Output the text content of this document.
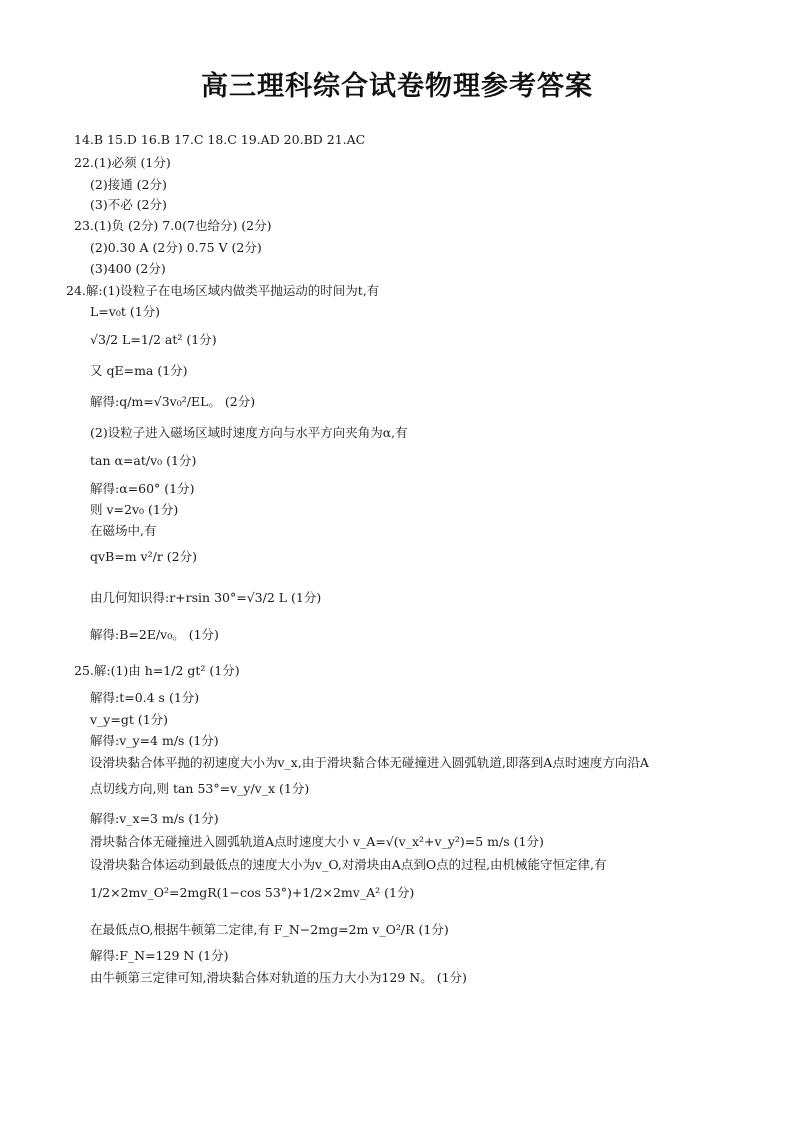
高三理科综合试卷物理参考答案
14.B 15.D 16.B 17.C 18.C 19.AD 20.BD 21.AC
22.(1)必须 (1分)
(2)接通 (2分)
(3)不必 (2分)
23.(1)负 (2分) 7.0(7也给分) (2分)
(2)0.30 A (2分) 0.75 V (2分)
(3)400 (2分)
24.解:(1)设粒子在电场区域内做类平抛运动的时间为t,有
L=v₀t (1分)
√3/2 L=1/2 at² (1分)
又 qE=ma (1分)
解得:q/m=√3v₀²/EL。 (2分)
(2)设粒子进入磁场区域时速度方向与水平方向夹角为α,有
tan α=at/v₀ (1分)
解得:α=60° (1分)
则 v=2v₀ (1分)
在磁场中,有
qvB=m v²/r (2分)
由几何知识得:r+rsin 30°=√3/2 L (1分)
解得:B=2E/v₀。 (1分)
25.解:(1)由 h=1/2 gt² (1分)
解得:t=0.4 s (1分)
v_y=gt (1分)
解得:v_y=4 m/s (1分)
设滑块黏合体平抛的初速度大小为v_x,由于滑块黏合体无碰撞进入圆弧轨道,即落到A点时速度方向沿A
点切线方向,则 tan 53°=v_y/v_x (1分)
解得:v_x=3 m/s (1分)
滑块黏合体无碰撞进入圆弧轨道A点时速度大小 v_A=√(v_x²+v_y²)=5 m/s (1分)
设滑块黏合体运动到最低点的速度大小为v_O,对滑块由A点到O点的过程,由机械能守恒定律,有
1/2×2mv_O²=2mgR(1−cos 53°)+1/2×2mv_A² (1分)
在最低点O,根据牛顿第二定律,有 F_N−2mg=2m v_O²/R (1分)
解得:F_N=129 N (1分)
由牛顿第三定律可知,滑块黏合体对轨道的压力大小为129 N。 (1分)
